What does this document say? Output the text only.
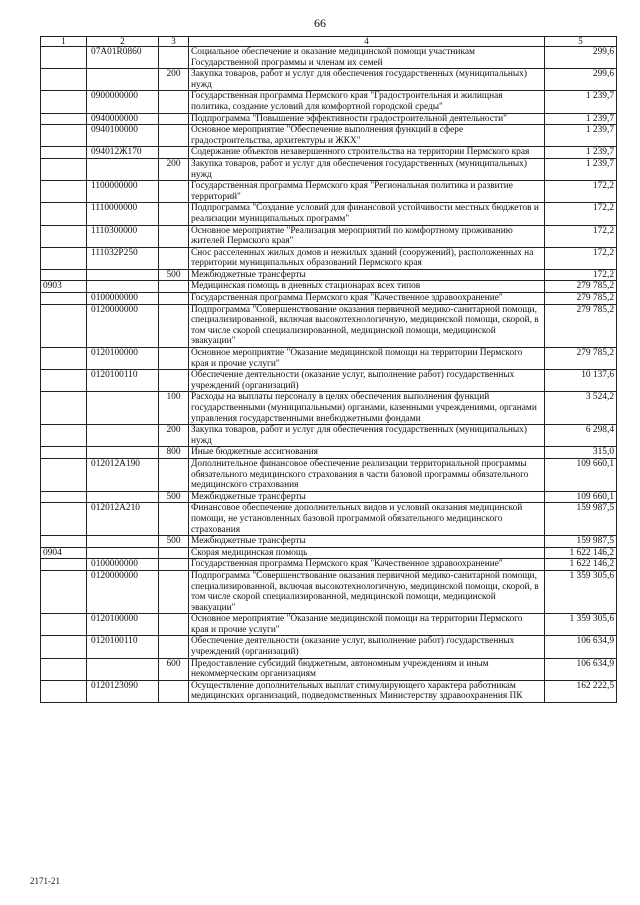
66
1	2	3	4	5
	07А01R0860		Социальное обеспечение и оказание медицинской помощи участникам Государственной программы и членам их семей	299,6
		200	Закупка товаров, работ и услуг для обеспечения государственных (муниципальных) нужд	299,6
	0900000000		Государственная программа Пермского края "Градостроительная и жилищная политика, создание условий для комфортной городской среды"	1 239,7
	0940000000		Подпрограмма "Повышение эффективности градостроительной деятельности"	1 239,7
	0940100000		Основное мероприятие "Обеспечение выполнения функций в сфере градостроительства, архитектуры и ЖКХ"	1 239,7
	094012Ж170		Содержание объектов незавершенного строительства на территории Пермского края	1 239,7
		200	Закупка товаров, работ и услуг для обеспечения государственных (муниципальных) нужд	1 239,7
	1100000000		Государственная программа Пермского края "Региональная политика и развитие территорий"	172,2
	1110000000		Подпрограмма "Создание условий для финансовой устойчивости местных бюджетов и реализации муниципальных программ"	172,2
	1110300000		Основное мероприятие "Реализация мероприятий по комфортному проживанию жителей Пермского края"	172,2
	111032Р250		Снос расселенных жилых домов и нежилых зданий (сооружений), расположенных на территории муниципальных образований Пермского края	172,2
		500	Межбюджетные трансферты	172,2
0903			Медицинская помощь в дневных стационарах всех типов	279 785,2
	0100000000		Государственная программа Пермского края "Качественное здравоохранение"	279 785,2
	0120000000		Подпрограмма "Совершенствование оказания первичной медико-санитарной помощи, специализированной, включая высокотехнологичную, медицинской помощи, скорой, в том числе скорой специализированной, медицинской помощи, медицинской эвакуации"	279 785,2
	0120100000		Основное мероприятие "Оказание медицинской помощи на территории Пермского края и прочие услуги"	279 785,2
	0120100110		Обеспечение деятельности (оказание услуг, выполнение работ) государственных учреждений (организаций)	10 137,6
		100	Расходы на выплаты персоналу в целях обеспечения выполнения функций государственными (муниципальными) органами, казенными учреждениями, органами управления государственными внебюджетными фондами	3 524,2
		200	Закупка товаров, работ и услуг для обеспечения государственных (муниципальных) нужд	6 298,4
		800	Иные бюджетные ассигнования	315,0
	012012А190		Дополнительное финансовое обеспечение реализации территориальной программы обязательного медицинского страхования в части базовой программы обязательного медицинского страхования	109 660,1
		500	Межбюджетные трансферты	109 660,1
	012012А210		Финансовое обеспечение дополнительных видов и условий оказания медицинской помощи, не установленных базовой программой обязательного медицинского страхования	159 987,5
		500	Межбюджетные трансферты	159 987,5
0904			Скорая медицинская помощь	1 622 146,2
	0100000000		Государственная программа Пермского края "Качественное здравоохранение"	1 622 146,2
	0120000000		Подпрограмма "Совершенствование оказания первичной медико-санитарной помощи, специализированной, включая высокотехнологичную, медицинской помощи, скорой, в том числе скорой специализированной, медицинской помощи, медицинской эвакуации"	1 359 305,6
	0120100000		Основное мероприятие "Оказание медицинской помощи на территории Пермского края и прочие услуги"	1 359 305,6
	0120100110		Обеспечение деятельности (оказание услуг, выполнение работ) государственных учреждений (организаций)	106 634,9
		600	Предоставление субсидий бюджетным, автономным учреждениям и иным некоммерческим организациям	106 634,9
	0120123090		Осуществление дополнительных выплат стимулирующего характера работникам медицинских организаций, подведомственных Министерству здравоохранения ПК	162 222,5
2171-21
